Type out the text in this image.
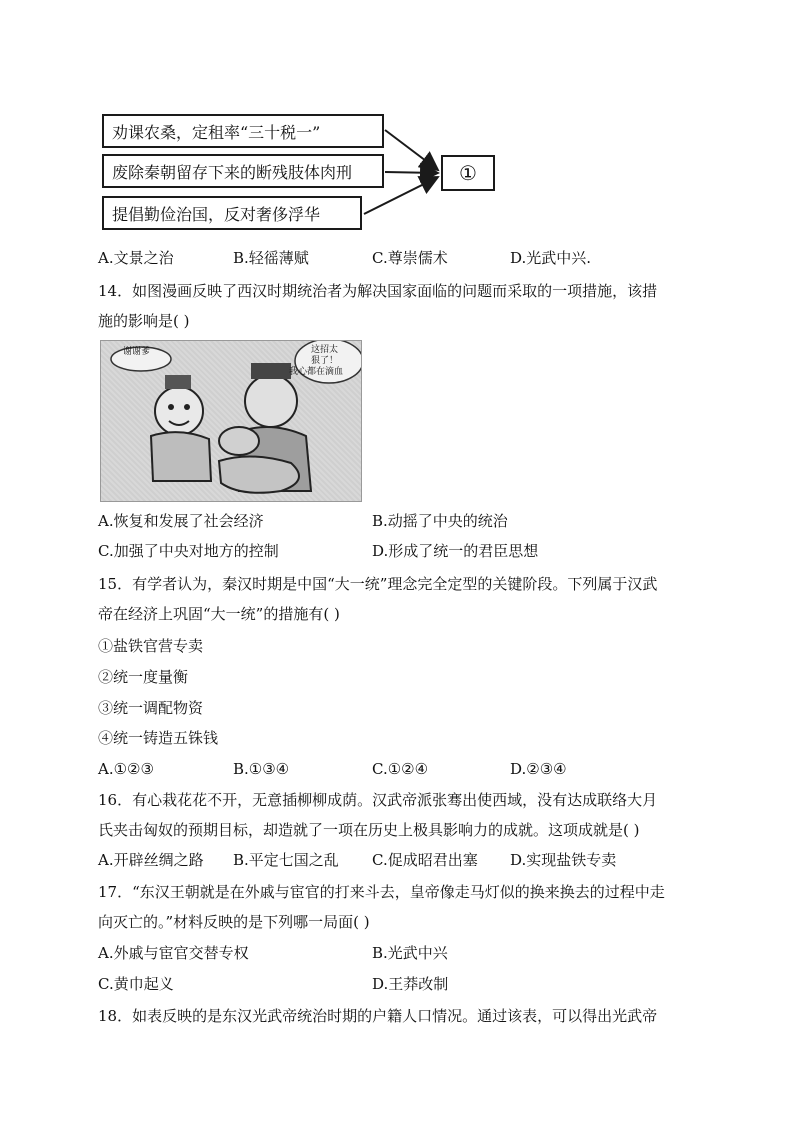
劝课农桑，定租率“三十税一”
废除秦朝留存下来的断残肢体肉刑
提倡勤俭治国，反对奢侈浮华
①
A.文景之治	B.轻徭薄赋	C.尊崇儒术	D.光武中兴.
14．如图漫画反映了西汉时期统治者为解决国家面临的问题而采取的一项措施，该措
施的影响是( )
谢谢爹	这招太
狠了！
我心都在滴血
A.恢复和发展了社会经济	B.动摇了中央的统治
C.加强了中央对地方的控制	D.形成了统一的君臣思想
15．有学者认为，秦汉时期是中国“大一统”理念完全定型的关键阶段。下列属于汉武
帝在经济上巩固“大一统”的措施有( )
①盐铁官营专卖
②统一度量衡
③统一调配物资
④统一铸造五铢钱
A.①②③	B.①③④	C.①②④	D.②③④
16．有心栽花花不开，无意插柳柳成荫。汉武帝派张骞出使西域，没有达成联络大月
氏夹击匈奴的预期目标，却造就了一项在历史上极具影响力的成就。这项成就是( )
A.开辟丝绸之路 B.平定七国之乱 C.促成昭君出塞 D.实现盐铁专卖
17．“东汉王朝就是在外戚与宦官的打来斗去，皇帝像走马灯似的换来换去的过程中走
向灭亡的。”材料反映的是下列哪一局面( )
A.外戚与宦官交替专权	B.光武中兴
C.黄巾起义	D.王莽改制
18．如表反映的是东汉光武帝统治时期的户籍人口情况。通过该表，可以得出光武帝
